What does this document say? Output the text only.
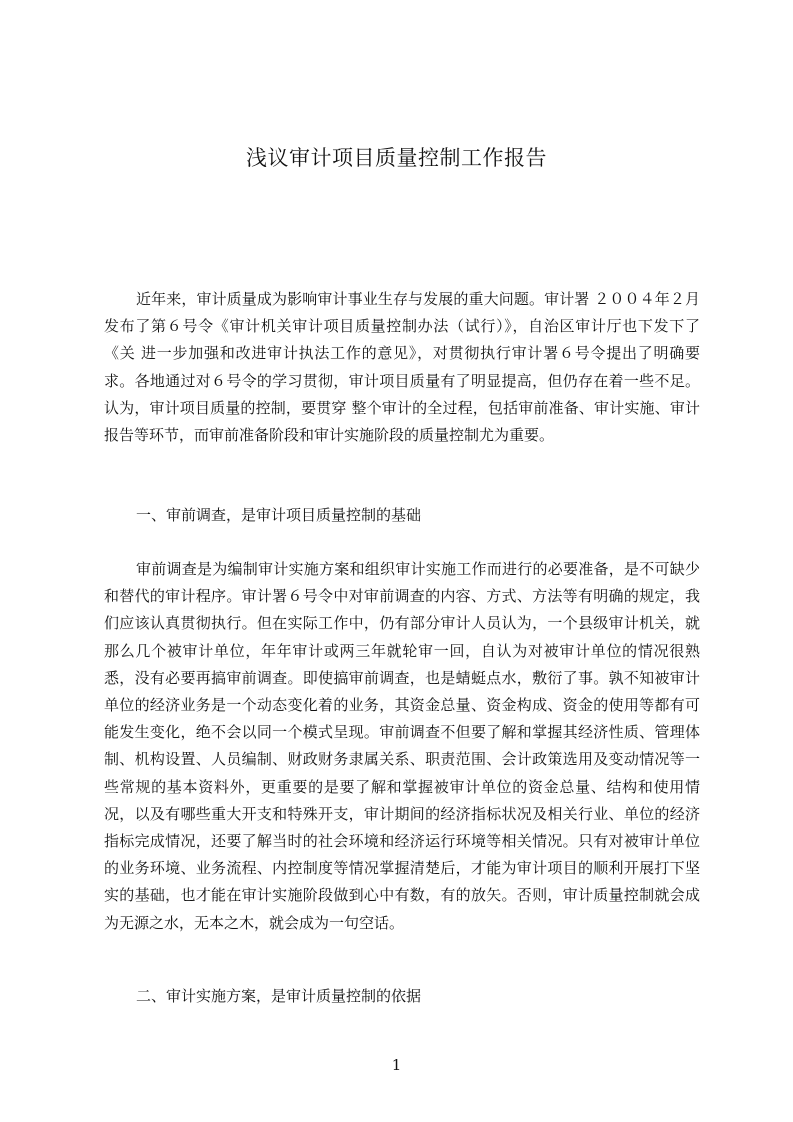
浅议审计项目质量控制工作报告

近年来，审计质量成为影响审计事业生存与发展的重大问题。审计署 ２００４年２月发布了第６号令《审计机关审计项目质量控制办法（试行）》，自治区审计厅也下发下了《关 进一步加强和改进审计执法工作的意见》，对贯彻执行审计署６号令提出了明确要求。各地通过对６号令的学习贯彻，审计项目质量有了明显提高，但仍存在着一些不足。 认为，审计项目质量的控制，要贯穿 整个审计的全过程，包括审前准备、审计实施、审计报告等环节，而审前准备阶段和审计实施阶段的质量控制尤为重要。

一、审前调查，是审计项目质量控制的基础

审前调查是为编制审计实施方案和组织审计实施工作而进行的必要准备，是不可缺少和替代的审计程序。审计署６号令中对审前调查的内容、方式、方法等有明确的规定，我们应该认真贯彻执行。但在实际工作中，仍有部分审计人员认为，一个县级审计机关，就那么几个被审计单位，年年审计或两三年就轮审一回，自认为对被审计单位的情况很熟悉，没有必要再搞审前调查。即使搞审前调查，也是蜻蜓点水，敷衍了事。孰不知被审计单位的经济业务是一个动态变化着的业务，其资金总量、资金构成、资金的使用等都有可能发生变化，绝不会以同一个模式呈现。审前调查不但要了解和掌握其经济性质、管理体制、机构设置、人员编制、财政财务隶属关系、职责范围、会计政策选用及变动情况等一些常规的基本资料外，更重要的是要了解和掌握被审计单位的资金总量、结构和使用情况，以及有哪些重大开支和特殊开支，审计期间的经济指标状况及相关行业、单位的经济指标完成情况，还要了解当时的社会环境和经济运行环境等相关情况。只有对被审计单位的业务环境、业务流程、内控制度等情况掌握清楚后，才能为审计项目的顺利开展打下坚实的基础，也才能在审计实施阶段做到心中有数，有的放矢。否则，审计质量控制就会成为无源之水，无本之木，就会成为一句空话。

二、审计实施方案，是审计质量控制的依据

1
